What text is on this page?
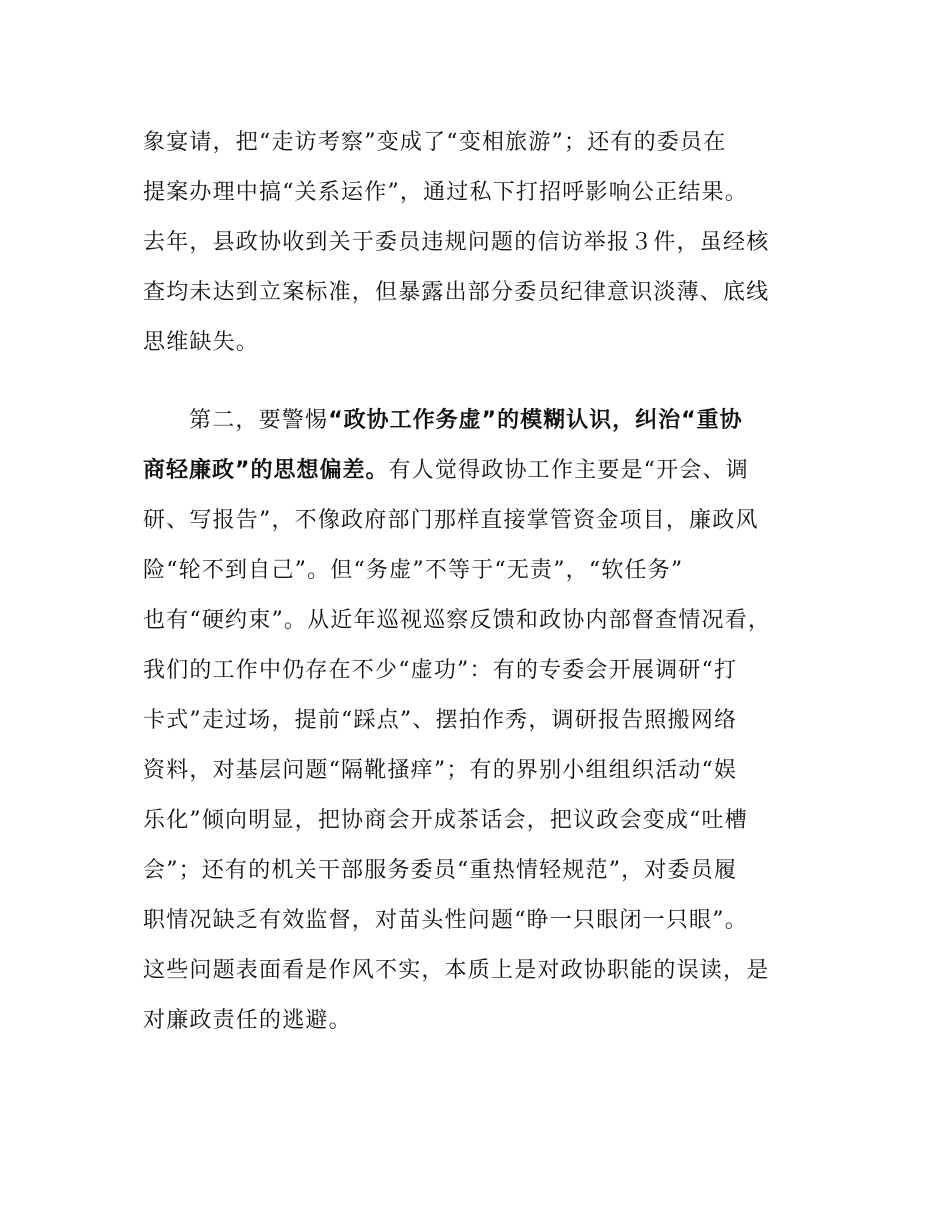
象宴请，把“走访考察”变成了“变相旅游”；还有的委员在
提案办理中搞“关系运作”，通过私下打招呼影响公正结果。
去年，县政协收到关于委员违规问题的信访举报３件，虽经核
查均未达到立案标准，但暴露出部分委员纪律意识淡薄、底线
思维缺失。
第二，要警惕“政协工作务虚”的模糊认识，纠治“重协
商轻廉政”的思想偏差。有人觉得政协工作主要是“开会、调
研、写报告”，不像政府部门那样直接掌管资金项目，廉政风
险“轮不到自己”。但“务虚”不等于“无责”，“软任务”
也有“硬约束”。从近年巡视巡察反馈和政协内部督查情况看，
我们的工作中仍存在不少“虚功”：有的专委会开展调研“打
卡式”走过场，提前“踩点”、摆拍作秀，调研报告照搬网络
资料，对基层问题“隔靴搔痒”；有的界别小组组织活动“娱
乐化”倾向明显，把协商会开成茶话会，把议政会变成“吐槽
会”；还有的机关干部服务委员“重热情轻规范”，对委员履
职情况缺乏有效监督，对苗头性问题“睁一只眼闭一只眼”。
这些问题表面看是作风不实，本质上是对政协职能的误读，是
对廉政责任的逃避。
